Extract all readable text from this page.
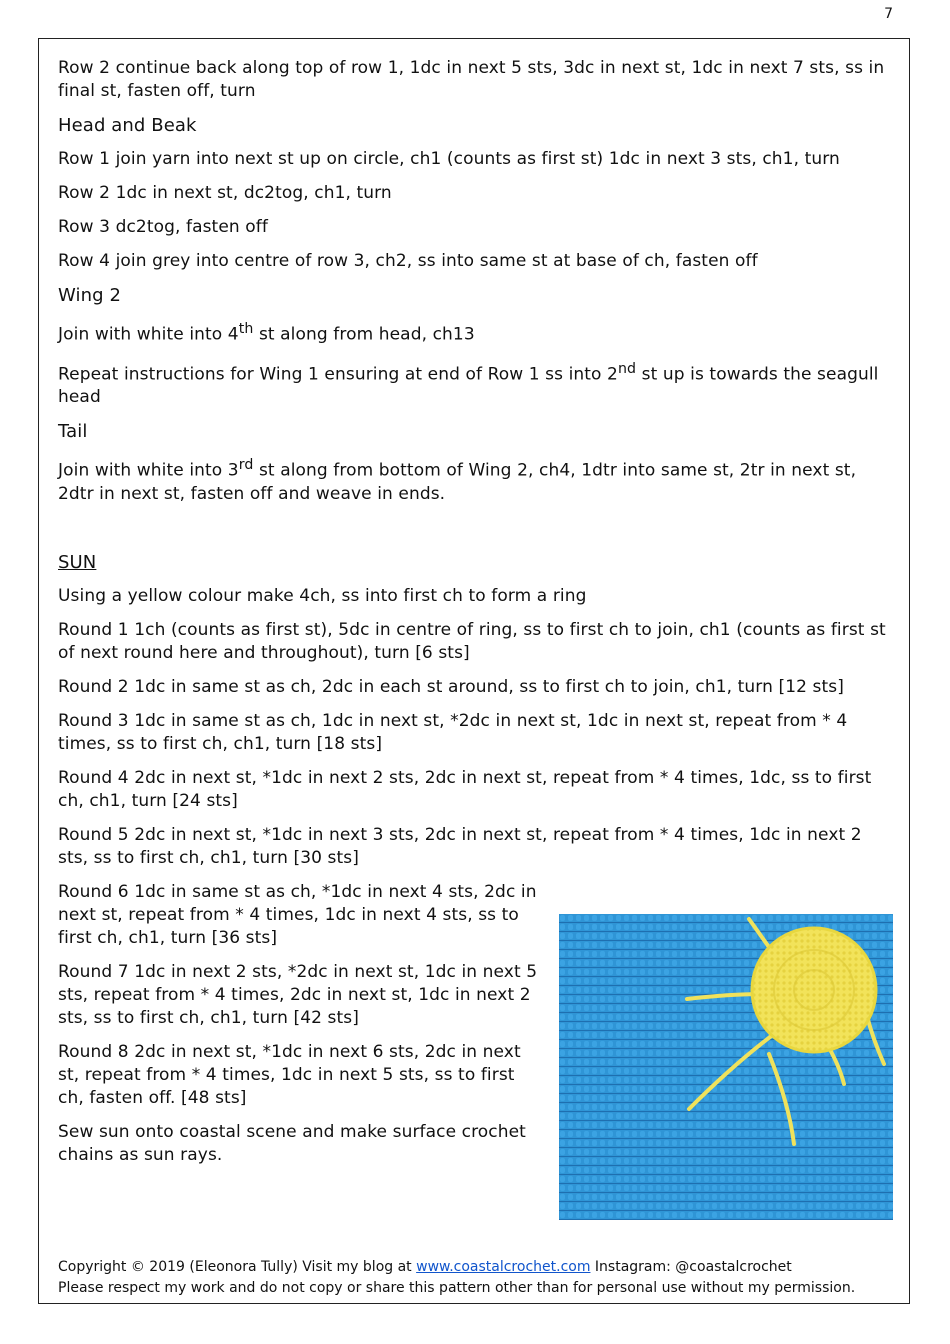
7

Row 2 continue back along top of row 1, 1dc in next 5 sts, 3dc in next st, 1dc in next 7 sts, ss in final st, fasten off, turn

Head and Beak

Row 1 join yarn into next st up on circle, ch1 (counts as first st) 1dc in next 3 sts, ch1, turn

Row 2 1dc in next st, dc2tog, ch1, turn

Row 3 dc2tog, fasten off

Row 4 join grey into centre of row 3, ch2, ss into same st at base of ch, fasten off

Wing 2

Join with white into 4th st along from head, ch13

Repeat instructions for Wing 1 ensuring at end of Row 1 ss into 2nd st up is towards the seagull head

Tail

Join with white into 3rd st along from bottom of Wing 2, ch4, 1dtr into same st, 2tr in next st, 2dtr in next st, fasten off and weave in ends.

SUN

Using a yellow colour make 4ch, ss into first ch to form a ring

Round 1 1ch (counts as first st), 5dc in centre of ring, ss to first ch to join, ch1 (counts as first st of next round here and throughout), turn [6 sts]

Round 2 1dc in same st as ch, 2dc in each st around, ss to first ch to join, ch1, turn [12 sts]

Round 3 1dc in same st as ch, 1dc in next st, *2dc in next st, 1dc in next st, repeat from * 4 times, ss to first ch, ch1, turn [18 sts]

Round 4 2dc in next st, *1dc in next 2 sts, 2dc in next st, repeat from * 4 times, 1dc, ss to first ch, ch1, turn [24 sts]

Round 5 2dc in next st, *1dc in next 3 sts, 2dc in next st, repeat from * 4 times, 1dc in next 2 sts, ss to first ch, ch1, turn [30 sts]

Round 6 1dc in same st as ch, *1dc in next 4 sts, 2dc in next st, repeat from * 4 times, 1dc in next 4 sts, ss to first ch, ch1, turn [36 sts]

Round 7 1dc in next 2 sts, *2dc in next st, 1dc in next 5 sts, repeat from * 4 times, 2dc in next st, 1dc in next 2 sts, ss to first ch, ch1, turn [42 sts]

Round 8 2dc in next st, *1dc in next 6 sts, 2dc in next st, repeat from * 4 times, 1dc in next 5 sts, ss to first ch, fasten off. [48 sts]

Sew sun onto coastal scene and make surface crochet chains as sun rays.

Copyright © 2019 (Eleonora Tully) Visit my blog at www.coastalcrochet.com Instagram: @coastalcrochet
Please respect my work and do not copy or share this pattern other than for personal use without my permission.
